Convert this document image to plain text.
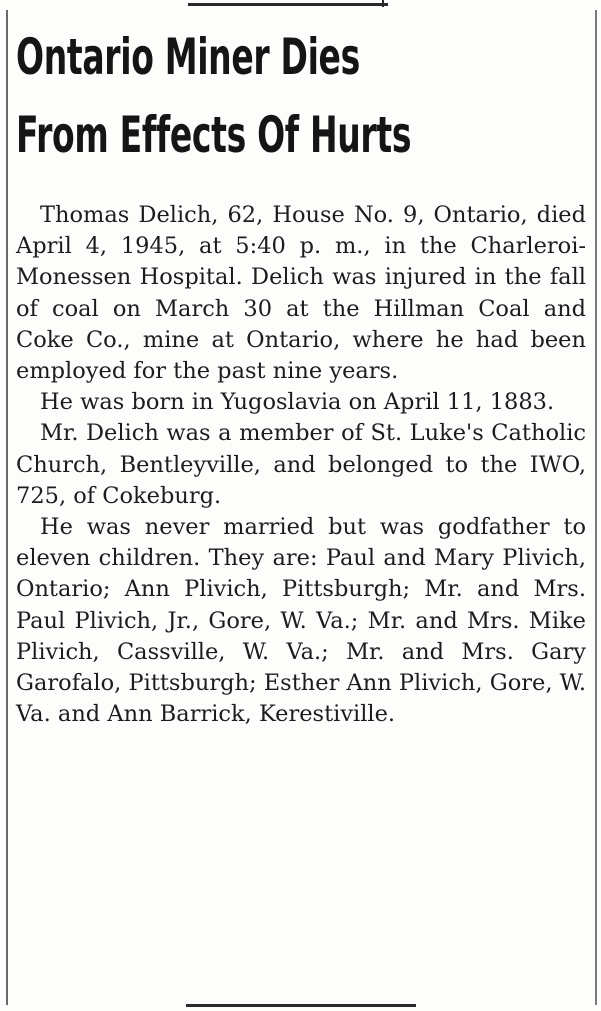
Ontario Miner Dies
From Effects Of Hurts

Thomas Delich, 62, House No. 9, Ontario, died April 4, 1945, at 5:40 p. m., in the Charleroi-Monessen Hospital. Delich was injured in the fall of coal on March 30 at the Hillman Coal and Coke Co., mine at Ontario, where he had been employed for the past nine years.

He was born in Yugoslavia on April 11, 1883.

Mr. Delich was a member of St. Luke's Catholic Church, Bentleyville, and belonged to the IWO, 725, of Cokeburg.

He was never married but was godfather to eleven children. They are: Paul and Mary Plivich, Ontario; Ann Plivich, Pittsburgh; Mr. and Mrs. Paul Plivich, Jr., Gore, W. Va.; Mr. and Mrs. Mike Plivich, Cassville, W. Va.; Mr. and Mrs. Gary Garofalo, Pittsburgh; Esther Ann Plivich, Gore, W. Va. and Ann Barrick, Kerestiville.
